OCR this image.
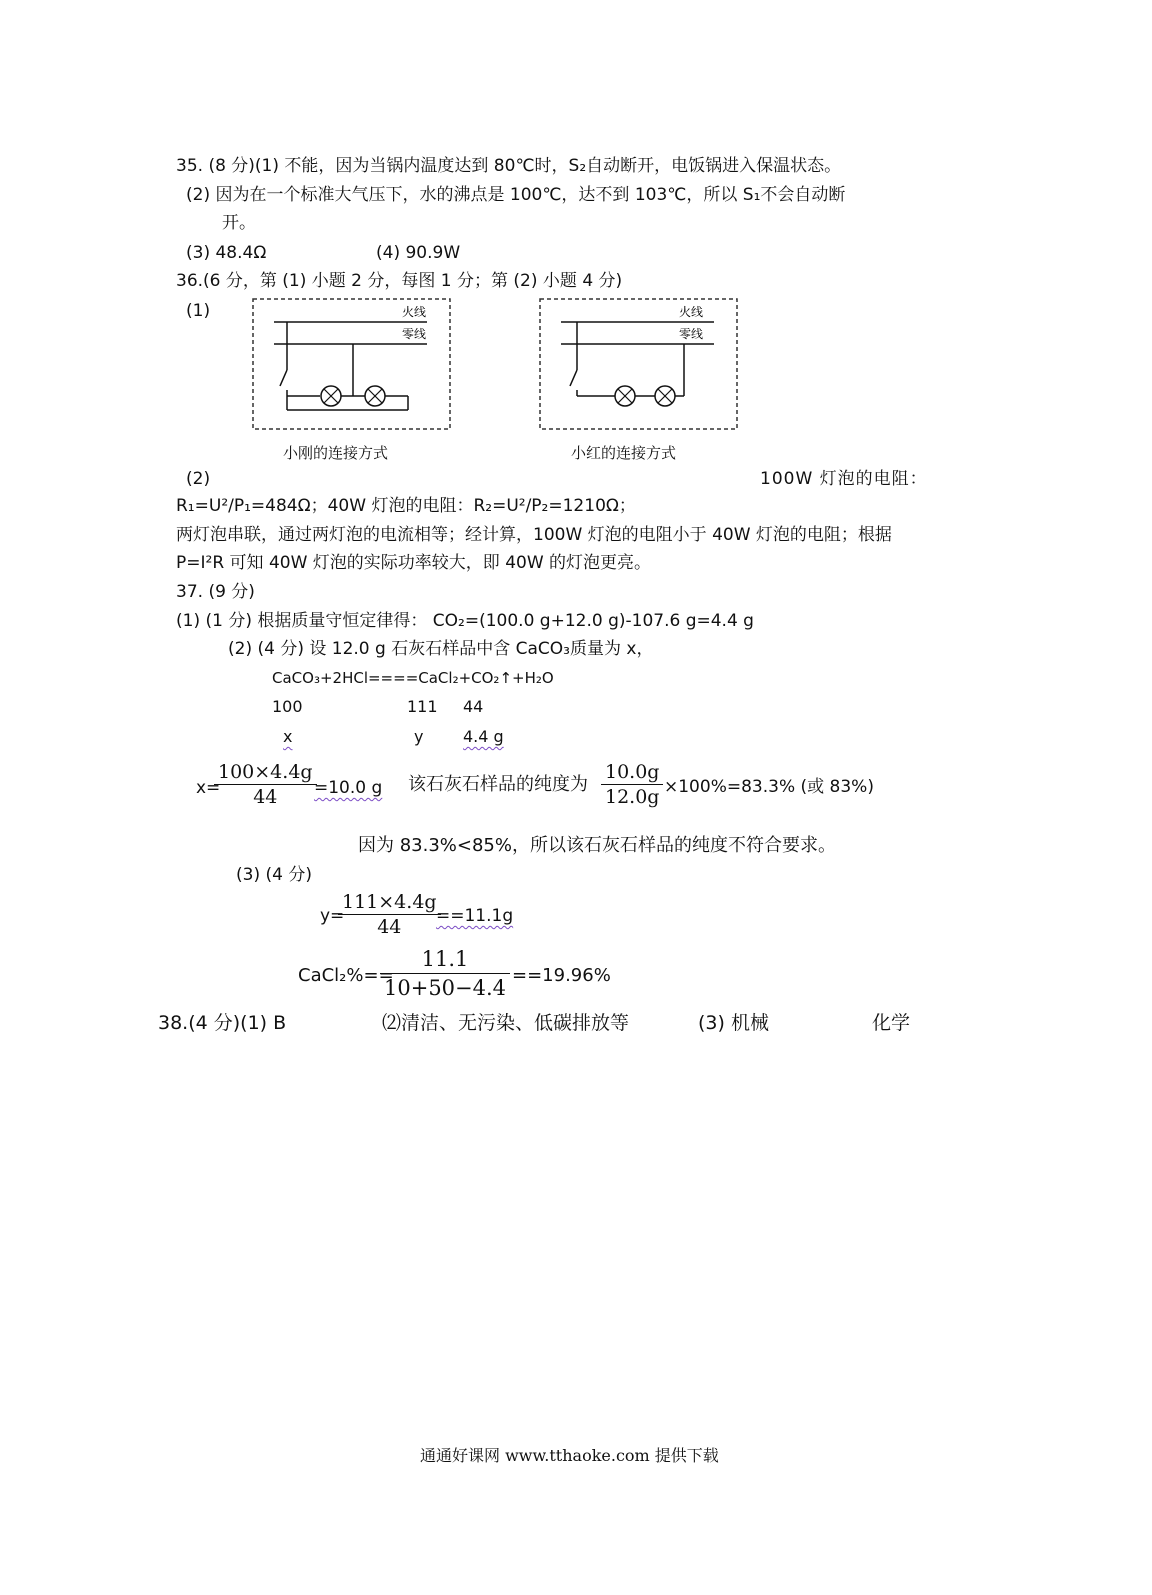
35. (8 分)(1) 不能，因为当锅内温度达到 80℃时，S₂自动断开，电饭锅进入保温状态。
(2) 因为在一个标准大气压下，水的沸点是 100℃，达不到 103℃，所以 S₁不会自动断
开。
(3) 48.4Ω	(4) 90.9W
36.(6 分，第 (1) 小题 2 分，每图 1 分；第 (2) 小题 4 分)
(1)	火线
零线
火线
零线
小刚的连接方式	小红的连接方式
(2)	100W 灯泡的电阻：
R₁=U²/P₁=484Ω；40W 灯泡的电阻：R₂=U²/P₂=1210Ω；
两灯泡串联，通过两灯泡的电流相等；经计算，100W 灯泡的电阻小于 40W 灯泡的电阻；根据
P=I²R 可知 40W 灯泡的实际功率较大，即 40W 的灯泡更亮。
37. (9 分)
(1) (1 分) 根据质量守恒定律得： CO₂=(100.0 g+12.0 g)-107.6 g=4.4 g
(2) (4 分) 设 12.0 g 石灰石样品中含 CaCO₃质量为 x，
CaCO₃+2HCl====CaCl₂+CO₂↑+H₂O
100	111 44
x	y 4.4 g
x=
100×4.4g
44 =10.0 g 该石灰石样品的纯度为
10.0g
12.0g ×100%=83.3% (或 83%)
因为 83.3%<85%，所以该石灰石样品的纯度不符合要求。
(3) (4 分)
y=
111×4.4g
44 ==11.1g
CaCl₂%==
11.1
10+50−4.4
==19.96%
38.(4 分)(1) B	⑵清洁、无污染、低碳排放等	(3) 机械	化学
通通好课网 www.tthaoke.com 提供下载
